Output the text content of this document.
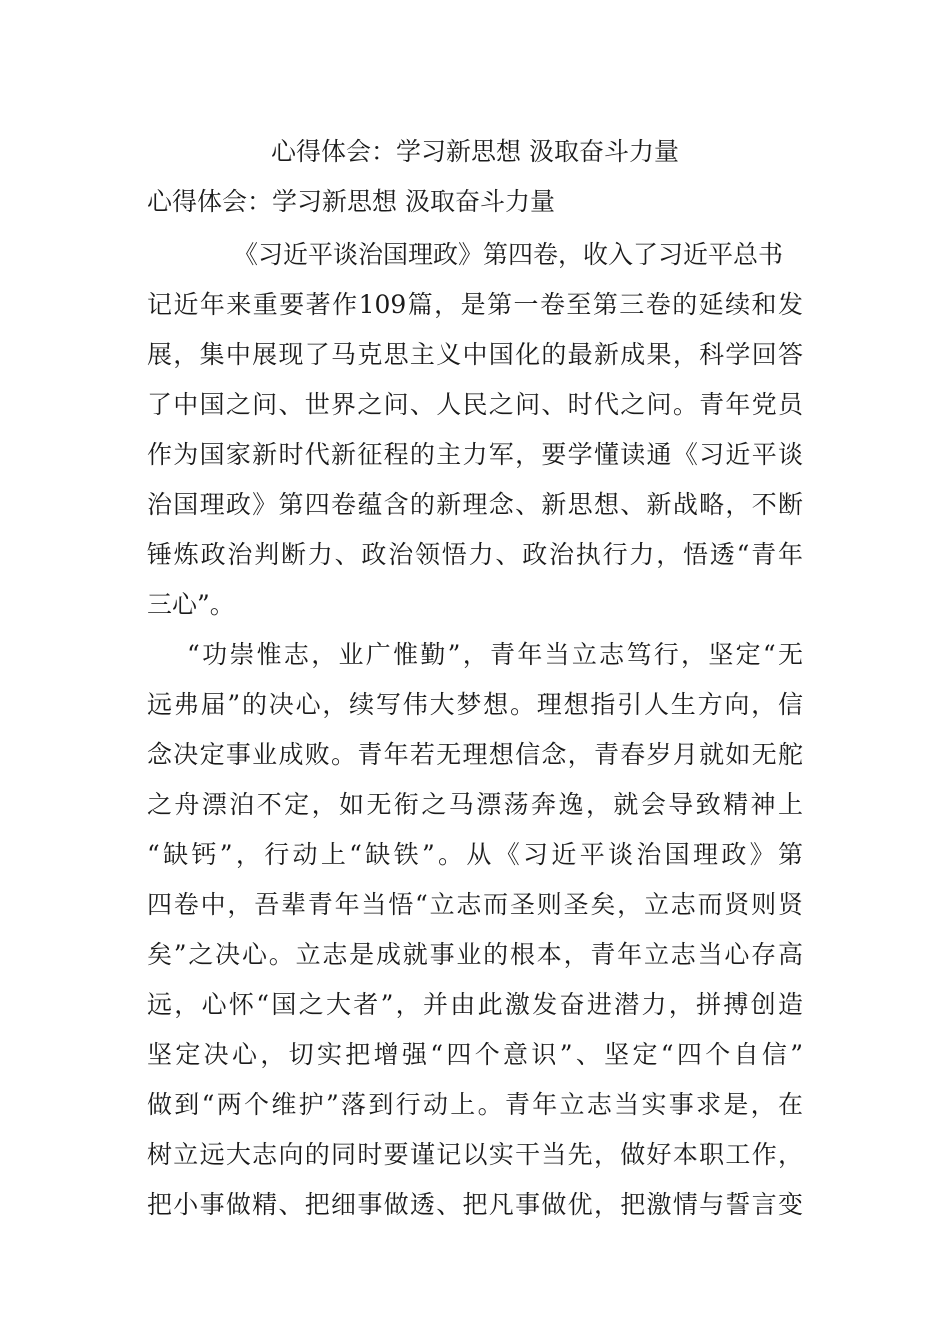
心得体会：学习新思想 汲取奋斗力量

心得体会：学习新思想 汲取奋斗力量

《习近平谈治国理政》第四卷，收入了习近平总书
记近年来重要著作109篇，是第一卷至第三卷的延续和发
展，集中展现了马克思主义中国化的最新成果，科学回答
了中国之问、世界之问、人民之问、时代之问。青年党员
作为国家新时代新征程的主力军，要学懂读通《习近平谈
治国理政》第四卷蕴含的新理念、新思想、新战略，不断
锤炼政治判断力、政治领悟力、政治执行力，悟透“青年
三心”。
“功崇惟志，业广惟勤”，青年当立志笃行，坚定“无
远弗届”的决心，续写伟大梦想。理想指引人生方向，信
念决定事业成败。青年若无理想信念，青春岁月就如无舵
之舟漂泊不定，如无衔之马漂荡奔逸，就会导致精神上
“缺钙”，行动上“缺铁”。从《习近平谈治国理政》第
四卷中，吾辈青年当悟“立志而圣则圣矣，立志而贤则贤
矣”之决心。立志是成就事业的根本，青年立志当心存高
远，心怀“国之大者”，并由此激发奋进潜力，拼搏创造
坚定决心，切实把增强“四个意识”、坚定“四个自信”
做到“两个维护”落到行动上。青年立志当实事求是，在
树立远大志向的同时要谨记以实干当先，做好本职工作，
把小事做精、把细事做透、把凡事做优，把激情与誓言变
